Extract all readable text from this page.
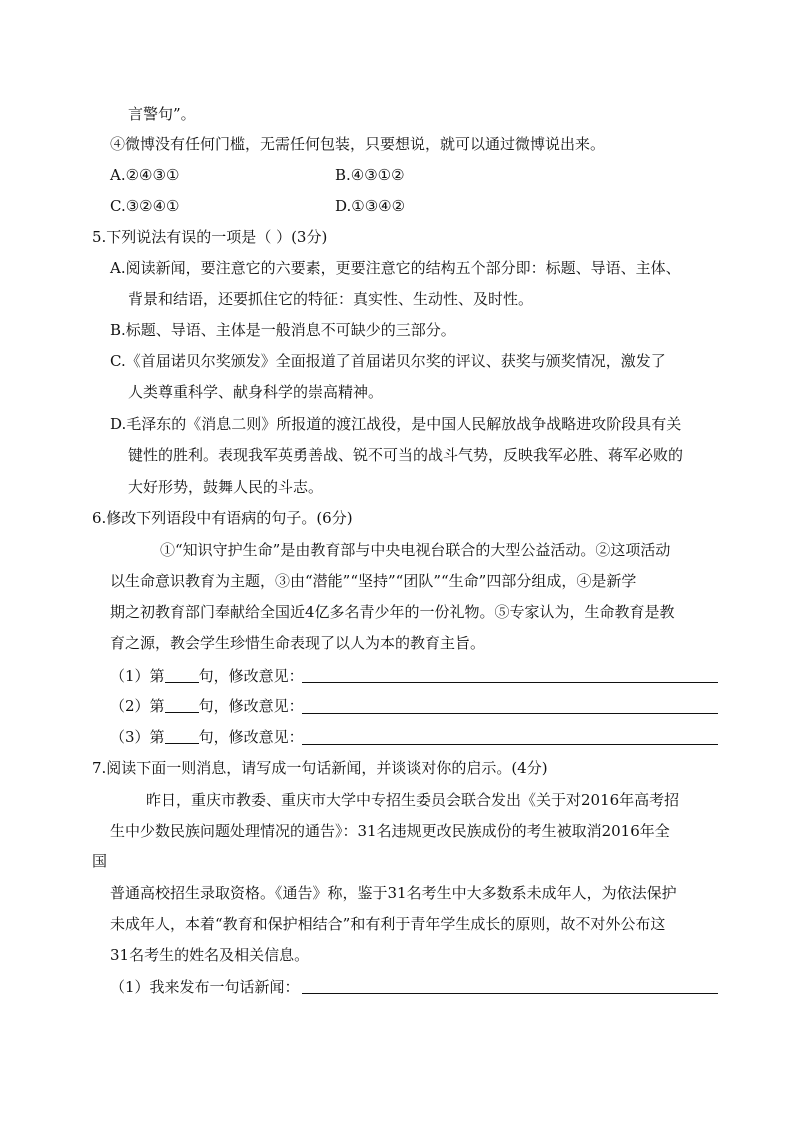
言警句”。
④微博没有任何门槛，无需任何包装，只要想说，就可以通过微博说出来。
A.②④③①	B.④③①②
C.③②④①	D.①③④②
5.下列说法有误的一项是（ ）(3分)
A.阅读新闻，要注意它的六要素，更要注意它的结构五个部分即：标题、导语、主体、
背景和结语，还要抓住它的特征：真实性、生动性、及时性。
B.标题、导语、主体是一般消息不可缺少的三部分。
C.《首届诺贝尔奖颁发》全面报道了首届诺贝尔奖的评议、获奖与颁奖情况，激发了
人类尊重科学、献身科学的崇高精神。
D.毛泽东的《消息二则》所报道的渡江战役，是中国人民解放战争战略进攻阶段具有关
键性的胜利。表现我军英勇善战、锐不可当的战斗气势，反映我军必胜、蒋军必败的
大好形势，鼓舞人民的斗志。
6.修改下列语段中有语病的句子。(6分)
①“知识守护生命”是由教育部与中央电视台联合的大型公益活动。②这项活动
以生命意识教育为主题，③由“潜能”“坚持”“团队”“生命”四部分组成，④是新学
期之初教育部门奉献给全国近4亿多名青少年的一份礼物。⑤专家认为，生命教育是教
育之源，教会学生珍惜生命表现了以人为本的教育主旨。
（1）第 句，修改意见：
（2）第 句，修改意见：
（3）第 句，修改意见：
7.阅读下面一则消息，请写成一句话新闻，并谈谈对你的启示。(4分)
昨日，重庆市教委、重庆市大学中专招生委员会联合发出《关于对2016年高考招
生中少数民族问题处理情况的通告》：31名违规更改民族成份的考生被取消2016年全
国
普通高校招生录取资格。《通告》称，鉴于31名考生中大多数系未成年人，为依法保护
未成年人，本着“教育和保护相结合”和有利于青年学生成长的原则，故不对外公布这
31名考生的姓名及相关信息。
（1）我来发布一句话新闻：
